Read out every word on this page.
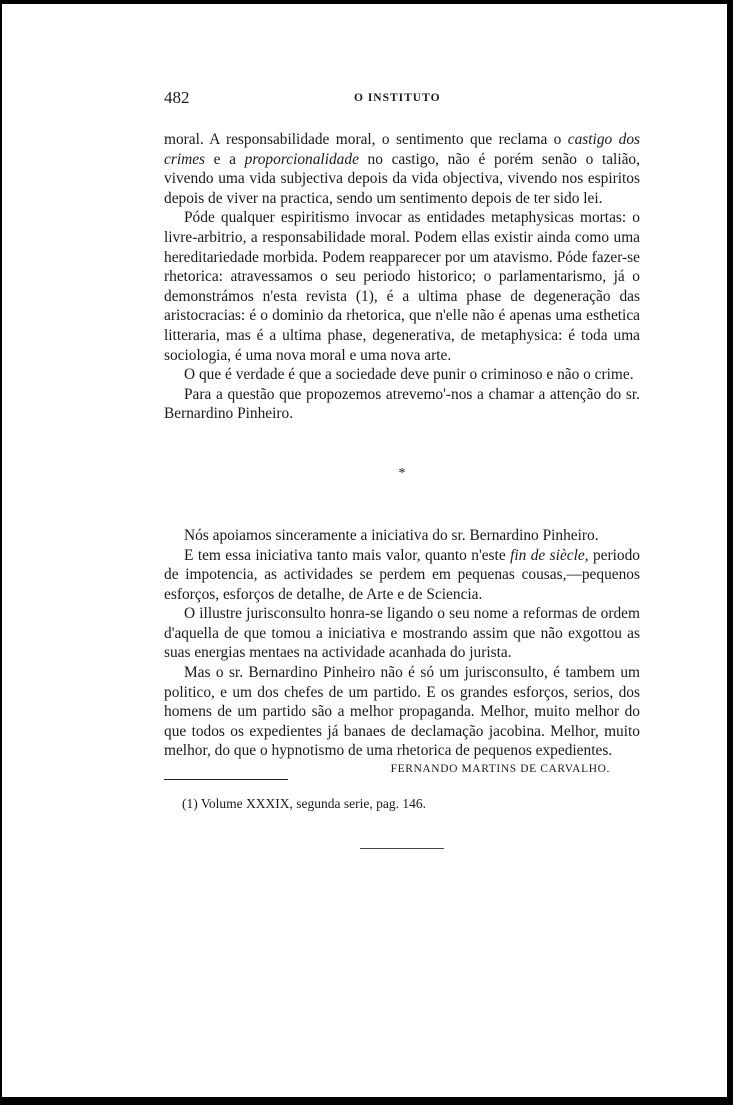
482	O INSTITUTO

moral. A responsabilidade moral, o sentimento que reclama o castigo dos crimes e a proporcionalidade no castigo, não é porém senão o talião, vivendo uma vida subjectiva depois da vida objectiva, vivendo nos espiritos depois de viver na practica, sendo um sentimento depois de ter sido lei.

Póde qualquer espiritismo invocar as entidades metaphysicas mortas: o livre-arbitrio, a responsabilidade moral. Podem ellas existir ainda como uma hereditariedade morbida. Podem reapparecer por um atavismo. Póde fazer-se rhetorica: atravessamos o seu periodo historico; o parlamentarismo, já o demonstrámos n'esta revista (1), é a ultima phase de degeneração das aristocracias: é o dominio da rhetorica, que n'elle não é apenas uma esthetica litteraria, mas é a ultima phase, degenerativa, de metaphysica: é toda uma sociologia, é uma nova moral e uma nova arte.

O que é verdade é que a sociedade deve punir o criminoso e não o crime.

Para a questão que propozemos atrevemo'-nos a chamar a attenção do sr. Bernardino Pinheiro.

*

Nós apoiamos sinceramente a iniciativa do sr. Bernardino Pinheiro.

E tem essa iniciativa tanto mais valor, quanto n'este fin de siècle, periodo de impotencia, as actividades se perdem em pequenas cousas,—pequenos esforços, esforços de detalhe, de Arte e de Sciencia.

O illustre jurisconsulto honra-se ligando o seu nome a reformas de ordem d'aquella de que tomou a iniciativa e mostrando assim que não exgottou as suas energias mentaes na actividade acanhada do jurista.

Mas o sr. Bernardino Pinheiro não é só um jurisconsulto, é tambem um politico, e um dos chefes de um partido. E os grandes esforços, serios, dos homens de um partido são a melhor propaganda. Melhor, muito melhor do que todos os expedientes já banaes de declamação jacobina. Melhor, muito melhor, do que o hypnotismo de uma rhetorica de pequenos expedientes.

FERNANDO MARTINS DE CARVALHO.
(1) Volume XXXIX, segunda serie, pag. 146.
